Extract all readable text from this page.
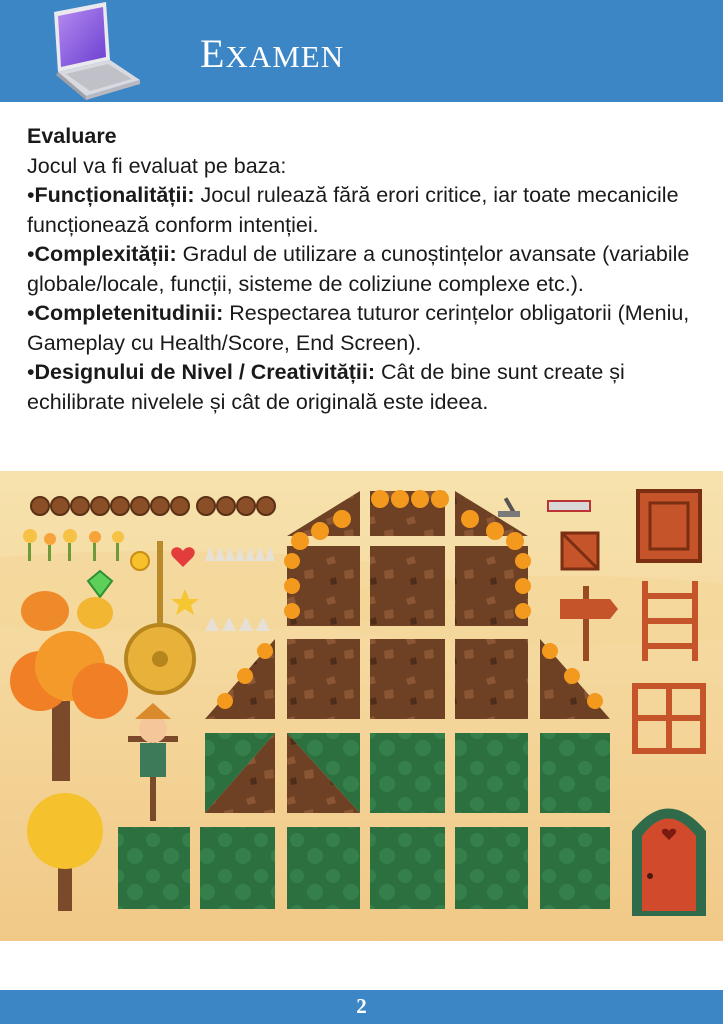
EXAMEN

Evaluare

Jocul va fi evaluat pe baza:

•Funcționalității: Jocul rulează fără erori critice, iar toate mecanicile funcționează conform intenției.

•Complexității: Gradul de utilizare a cunoștințelor avansate (variabile globale/locale, funcții, sisteme de coliziune complexe etc.).

•Completenitudinii: Respectarea tuturor cerințelor obligatorii (Meniu, Gameplay cu Health/Score, End Screen).

•Designului de Nivel / Creativității: Cât de bine sunt create și echilibrate nivelele și cât de originală este ideea.

2
